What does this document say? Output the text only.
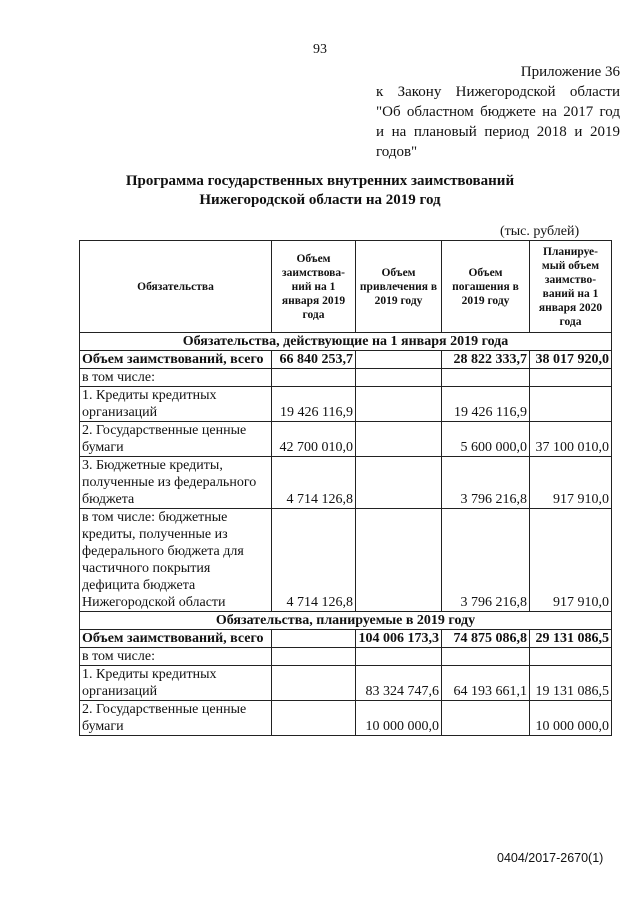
93
Приложение 36
к Закону Нижегородской области
"Об областном бюджете на 2017 год
и на плановый период 2018 и 2019
годов"
Программа государственных внутренних заимствований
Нижегородской области на 2019 год
(тыс. рублей)
Обязательства	Объем заимствова- ний на 1 января 2019 года	Объем привлечения в 2019 году	Объем погашения в 2019 году	Планируе- мый объем заимство- ваний на 1 января 2020 года
Обязательства, действующие на 1 января 2019 года				
Объем заимствований, всего	66 840 253,7		28 822 333,7	38 017 920,0
в том числе:				
1. Кредиты кредитных организаций	19 426 116,9		19 426 116,9	
2. Государственные ценные бумаги	42 700 010,0		5 600 000,0	37 100 010,0
3. Бюджетные кредиты, полученные из федерального бюджета	4 714 126,8		3 796 216,8	917 910,0
в том числе: бюджетные кредиты, полученные из федерального бюджета для частичного покрытия дефицита бюджета Нижегородской области	4 714 126,8		3 796 216,8	917 910,0
Обязательства, планируемые в 2019 году				
Объем заимствований, всего		104 006 173,3	74 875 086,8	29 131 086,5
в том числе:				
1. Кредиты кредитных организаций		83 324 747,6	64 193 661,1	19 131 086,5
2. Государственные ценные бумаги		10 000 000,0		10 000 000,0
0404/2017-2670(1)
